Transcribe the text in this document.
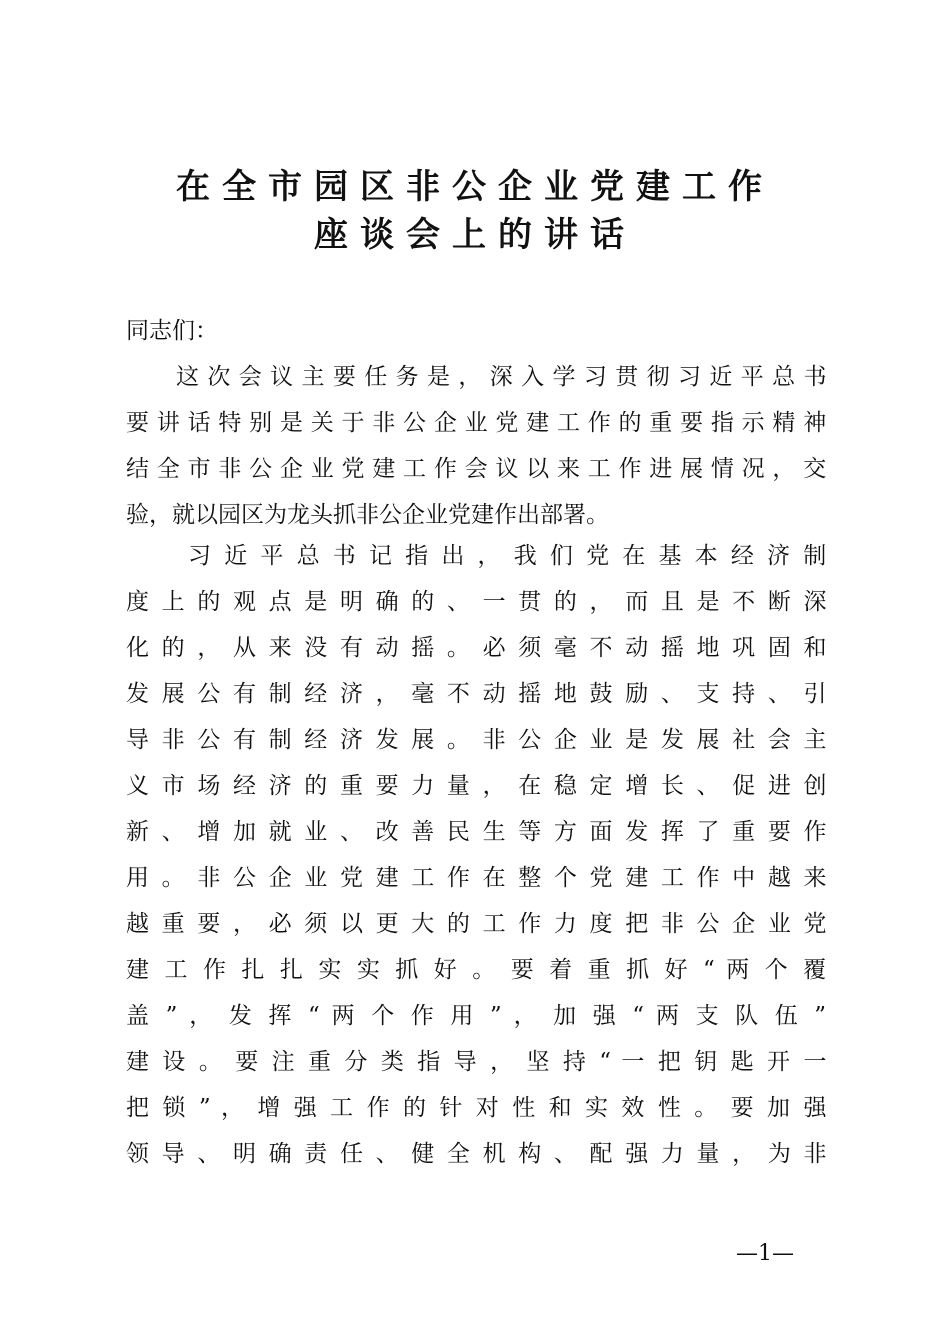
在全市园区非公企业党建工作
座谈会上的讲话
同志们：
这​ 次​ 会​ 议​ 主​ 要​ 任​ 务​ 是​ ，​ 深​ 入​ 学​ 习​ 贯​ 彻​ 习​ 近​ 平​ 总​ 书
要​ 讲​ 话​ 特​ 别​ 是​ 关​ 于​ 非​ 公​ 企​ 业​ 党​ 建​ 工​ 作​ 的​ 重​ 要​ 指​ 示​ 精​ 神
结​ 全​ 市​ 非​ 公​ 企​ 业​ 党​ 建​ 工​ 作​ 会​ 议​ 以​ 来​ 工​ 作​ 进​ 展​ 情​ 况​ ，​ 交
验，就以园区为龙头抓非公企业党建作出部署。
习​ 近​ 平​ 总​ 书​ 记​ 指​ 出​ ，​ 我​ 们​ 党​ 在​ 基​ 本​ 经​ 济​ 制
度​ 上​ 的​ 观​ 点​ 是​ 明​ 确​ 的​ 、​ 一​ 贯​ 的​ ，​ 而​ 且​ 是​ 不​ 断​ 深
化​ 的​ ，​ 从​ 来​ 没​ 有​ 动​ 摇​ 。​ 必​ 须​ 毫​ 不​ 动​ 摇​ 地​ 巩​ 固​ 和
发​ 展​ 公​ 有​ 制​ 经​ 济​ ，​ 毫​ 不​ 动​ 摇​ 地​ 鼓​ 励​ 、​ 支​ 持​ 、​ 引
导​ 非​ 公​ 有​ 制​ 经​ 济​ 发​ 展​ 。​ 非​ 公​ 企​ 业​ 是​ 发​ 展​ 社​ 会​ 主
义​ 市​ 场​ 经​ 济​ 的​ 重​ 要​ 力​ 量​ ，​ 在​ 稳​ 定​ 增​ 长​ 、​ 促​ 进​ 创
新​ 、​ 增​ 加​ 就​ 业​ 、​ 改​ 善​ 民​ 生​ 等​ 方​ 面​ 发​ 挥​ 了​ 重​ 要​ 作
用​ 。​ 非​ 公​ 企​ 业​ 党​ 建​ 工​ 作​ 在​ 整​ 个​ 党​ 建​ 工​ 作​ 中​ 越​ 来
越​ 重​ 要​ ，​ 必​ 须​ 以​ 更​ 大​ 的​ 工​ 作​ 力​ 度​ 把​ 非​ 公​ 企​ 业​ 党
建​ 工​ 作​ 扎​ 扎​ 实​ 实​ 抓​ 好​ 。​ 要​ 着​ 重​ 抓​ 好​ “​ 两​ 个​ 覆
盖​ ”​ ，​ 发​ 挥​ “​ 两​ 个​ 作​ 用​ ”​ ，​ 加​ 强​ “​ 两​ 支​ 队​ 伍​ ”
建​ 设​ 。​ 要​ 注​ 重​ 分​ 类​ 指​ 导​ ，​ 坚​ 持​ “​ 一​ 把​ 钥​ 匙​ 开​ 一
把​ 锁​ ”​ ，​ 增​ 强​ 工​ 作​ 的​ 针​ 对​ 性​ 和​ 实​ 效​ 性​ 。​ 要​ 加​ 强
领​ 导​ 、​ 明​ 确​ 责​ 任​ 、​ 健​ 全​ 机​ 构​ 、​ 配​ 强​ 力​ 量​ ，​ 为​ 非
—1—
